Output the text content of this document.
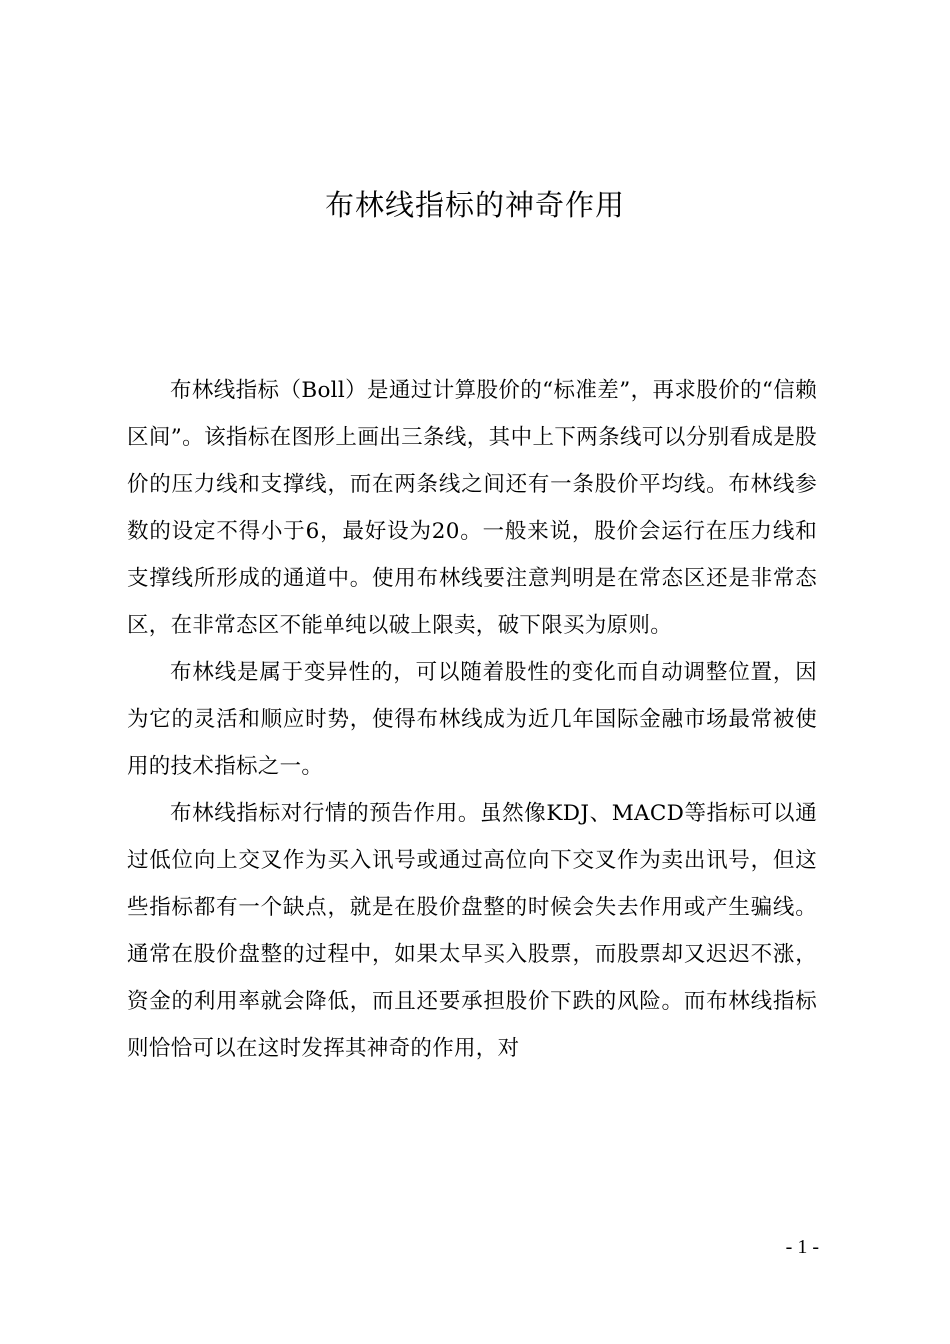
布林线指标的神奇作用

布林线指标（Boll）是通过计算股价的“标准差”，再求股价的“信赖区间”。该指标在图形上画出三条线，其中上下两条线可以分别看成是股价的压力线和支撑线，而在两条线之间还有一条股价平均线。布林线参数的设定不得小于6，最好设为20。一般来说，股价会运行在压力线和支撑线所形成的通道中。使用布林线要注意判明是在常态区还是非常态区，在非常态区不能单纯以破上限卖，破下限买为原则。

布林线是属于变异性的，可以随着股性的变化而自动调整位置，因为它的灵活和顺应时势，使得布林线成为近几年国际金融市场最常被使用的技术指标之一。

布林线指标对行情的预告作用。虽然像KDJ、MACD等指标可以通过低位向上交叉作为买入讯号或通过高位向下交叉作为卖出讯号，但这些指标都有一个缺点，就是在股价盘整的时候会失去作用或产生骗线。通常在股价盘整的过程中，如果太早买入股票，而股票却又迟迟不涨，资金的利用率就会降低，而且还要承担股价下跌的风险。而布林线指标则恰恰可以在这时发挥其神奇的作用，对

- 1 -
